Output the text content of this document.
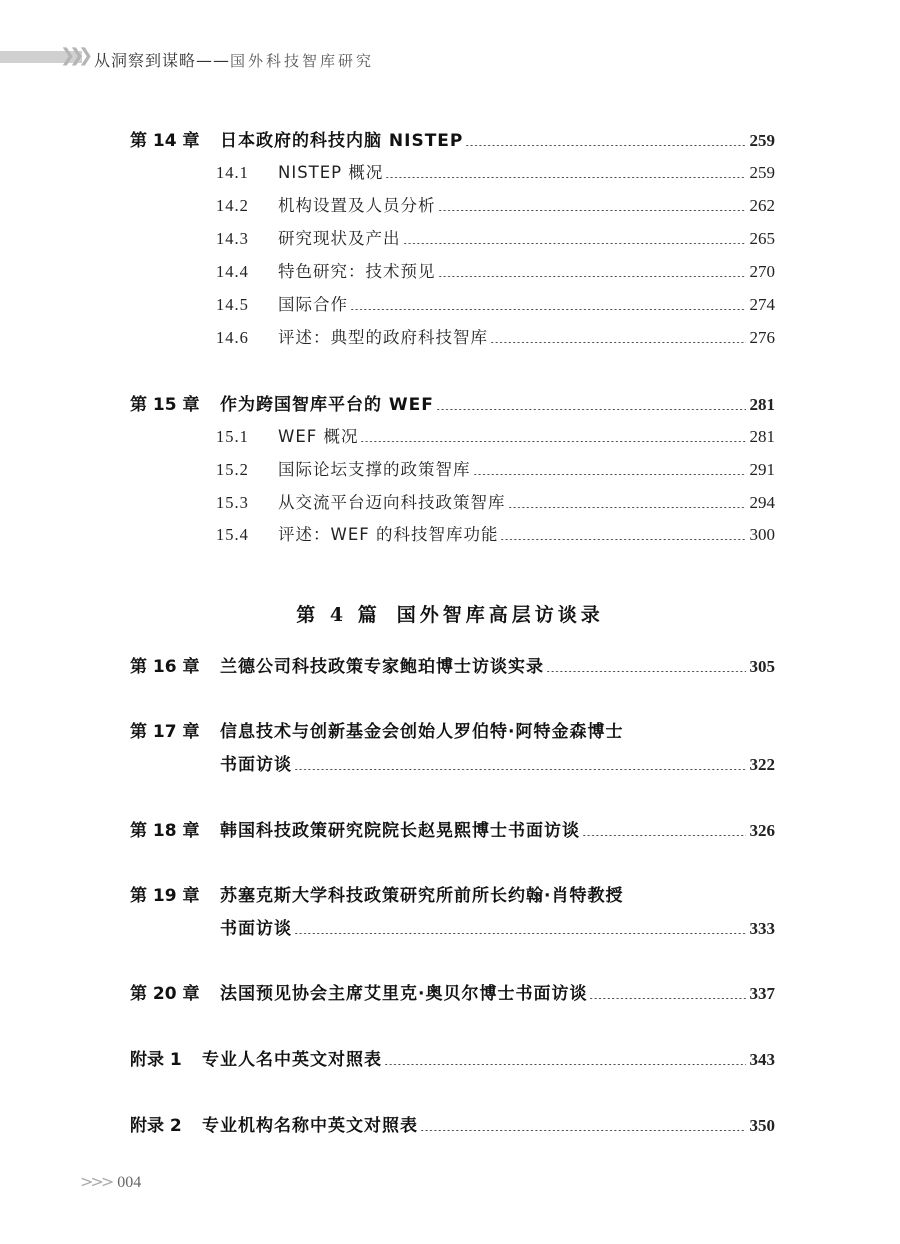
❯❯❯ 从洞察到谋略——国外科技智库研究
第 14 章	日本政府的科技内脑 NISTEP	259
14.1	NISTEP 概况	259
14.2	机构设置及人员分析	262
14.3	研究现状及产出	265
14.4	特色研究：技术预见	270
14.5	国际合作	274
14.6	评述：典型的政府科技智库	276
第 15 章	作为跨国智库平台的 WEF	281
15.1	WEF 概况	281
15.2	国际论坛支撑的政策智库	291
15.3	从交流平台迈向科技政策智库	294
15.4	评述：WEF 的科技智库功能	300
第 4 篇 国外智库高层访谈录
第 16 章	兰德公司科技政策专家鲍珀博士访谈实录	305
第 17 章 信息技术与创新基金会创始人罗伯特·阿特金森博士
书面访谈	322
第 18 章	韩国科技政策研究院院长赵晃熙博士书面访谈	326
第 19 章 苏塞克斯大学科技政策研究所前所长约翰·肖特教授
书面访谈	333
第 20 章	法国预见协会主席艾里克·奥贝尔博士书面访谈	337
附录 1	专业人名中英文对照表	343
附录 2	专业机构名称中英文对照表	350
>>> 004
